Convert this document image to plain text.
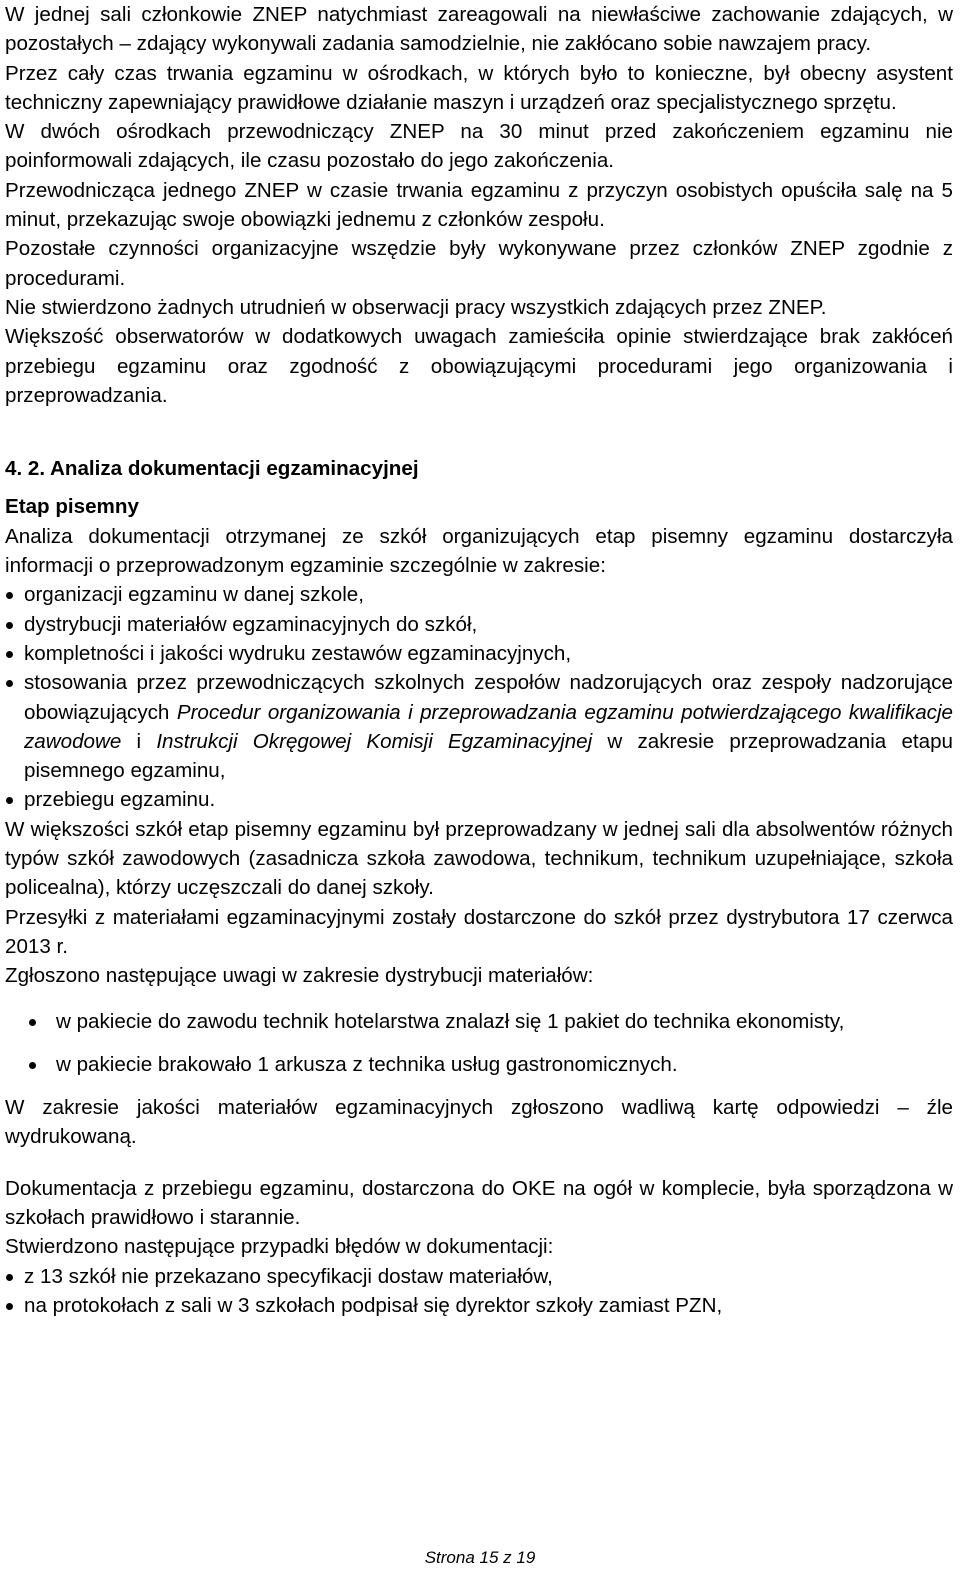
W jednej sali członkowie ZNEP natychmiast zareagowali na niewłaściwe zachowanie zdających, w pozostałych – zdający wykonywali zadania samodzielnie, nie zakłócano sobie nawzajem pracy.

Przez cały czas trwania egzaminu w ośrodkach, w których było to konieczne, był obecny asystent techniczny zapewniający prawidłowe działanie maszyn i urządzeń oraz specjalistycznego sprzętu.

W dwóch ośrodkach przewodniczący ZNEP na 30 minut przed zakończeniem egzaminu nie poinformowali zdających, ile czasu pozostało do jego zakończenia.

Przewodnicząca jednego ZNEP w czasie trwania egzaminu z przyczyn osobistych opuściła salę na 5 minut, przekazując swoje obowiązki jednemu z członków zespołu.

Pozostałe czynności organizacyjne wszędzie były wykonywane przez członków ZNEP zgodnie z procedurami.

Nie stwierdzono żadnych utrudnień w obserwacji pracy wszystkich zdających przez ZNEP.

Większość obserwatorów w dodatkowych uwagach zamieściła opinie stwierdzające brak zakłóceń przebiegu egzaminu oraz zgodność z obowiązującymi procedurami jego organizowania i przeprowadzania.

4. 2. Analiza dokumentacji egzaminacyjnej

Etap pisemny

Analiza dokumentacji otrzymanej ze szkół organizujących etap pisemny egzaminu dostarczyła informacji o przeprowadzonym egzaminie szczególnie w zakresie:

organizacji egzaminu w danej szkole,
dystrybucji materiałów egzaminacyjnych do szkół,
kompletności i jakości wydruku zestawów egzaminacyjnych,
stosowania przez przewodniczących szkolnych zespołów nadzorujących oraz zespoły nadzorujące obowiązujących Procedur organizowania i przeprowadzania egzaminu potwierdzającego kwalifikacje zawodowe i Instrukcji Okręgowej Komisji Egzaminacyjnej w zakresie przeprowadzania etapu pisemnego egzaminu,
przebiegu egzaminu.

W większości szkół etap pisemny egzaminu był przeprowadzany w jednej sali dla absolwentów różnych typów szkół zawodowych (zasadnicza szkoła zawodowa, technikum, technikum uzupełniające, szkoła policealna), którzy uczęszczali do danej szkoły.

Przesyłki z materiałami egzaminacyjnymi zostały dostarczone do szkół przez dystrybutora 17 czerwca 2013 r.

Zgłoszono następujące uwagi w zakresie dystrybucji materiałów:

w pakiecie do zawodu technik hotelarstwa znalazł się 1 pakiet do technika ekonomisty,
w pakiecie brakowało 1 arkusza z technika usług gastronomicznych.

W zakresie jakości materiałów egzaminacyjnych zgłoszono wadliwą kartę odpowiedzi – źle wydrukowaną.

Dokumentacja z przebiegu egzaminu, dostarczona do OKE na ogół w komplecie, była sporządzona w szkołach prawidłowo i starannie.

Stwierdzono następujące przypadki błędów w dokumentacji:

z 13 szkół nie przekazano specyfikacji dostaw materiałów,
na protokołach z sali w 3 szkołach podpisał się dyrektor szkoły zamiast PZN,
Strona 15 z 19
